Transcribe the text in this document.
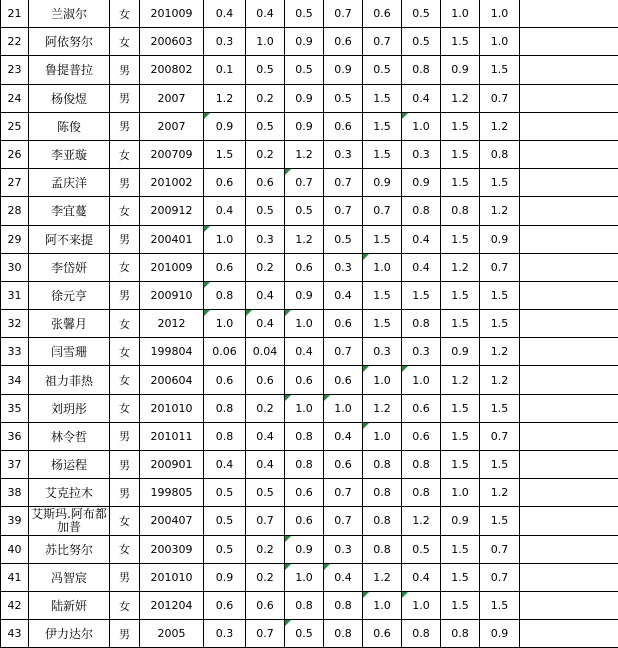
21	兰淑尔	女	201009	0.4	0.4	0.5	0.7	0.6	0.5	1.0	1.0	
22	阿依努尔	女	200603	0.3	1.0	0.9	0.6	0.7	0.5	1.5	1.0	
23	鲁提普拉	男	200802	0.1	0.5	0.5	0.9	0.5	0.8	0.9	1.5	
24	杨俊煜	男	2007	1.2	0.2	0.9	0.5	1.5	0.4	1.2	0.7	
25	陈俊	男	2007	0.9	0.5	0.9	0.6	1.5	1.0	1.5	1.2	
26	李亚璇	女	200709	1.5	0.2	1.2	0.3	1.5	0.3	1.5	0.8	
27	孟庆洋	男	201002	0.6	0.6	0.7	0.7	0.9	0.9	1.5	1.5	
28	李宜蔓	女	200912	0.4	0.5	0.5	0.7	0.7	0.8	0.8	1.2	
29	阿不来提	男	200401	1.0	0.3	1.2	0.5	1.5	0.4	1.5	0.9	
30	李岱妍	女	201009	0.6	0.2	0.6	0.3	1.0	0.4	1.2	0.7	
31	徐元亨	男	200910	0.8	0.4	0.9	0.4	1.5	1.5	1.5	1.5	
32	张馨月	女	2012	1.0	0.4	1.0	0.6	1.5	0.8	1.5	1.5	
33	闫雪珊	女	199804	0.06	0.04	0.4	0.7	0.3	0.3	0.9	1.2	
34	祖力菲热	女	200604	0.6	0.6	0.6	0.6	1.0	1.0	1.2	1.2	
35	刘玥彤	女	201010	0.8	0.2	1.0	1.0	1.2	0.6	1.5	1.5	
36	林令哲	男	201011	0.8	0.4	0.8	0.4	1.0	0.6	1.5	0.7	
37	杨运程	男	200901	0.4	0.4	0.8	0.6	0.8	0.8	1.5	1.5	
38	艾克拉木	男	199805	0.5	0.5	0.6	0.7	0.8	0.8	1.0	1.2	
39	艾斯玛.阿布都加普	女	200407	0.5	0.7	0.6	0.7	0.8	1.2	0.9	1.5	
40	苏比努尔	女	200309	0.5	0.2	0.9	0.3	0.8	0.5	1.5	0.7	
41	冯智宸	男	201010	0.9	0.2	1.0	0.4	1.2	0.4	1.5	0.7	
42	陆新妍	女	201204	0.6	0.6	0.8	0.8	1.0	1.0	1.5	1.5	
43	伊力达尔	男	2005	0.3	0.7	0.5	0.8	0.6	0.8	0.8	0.9	
